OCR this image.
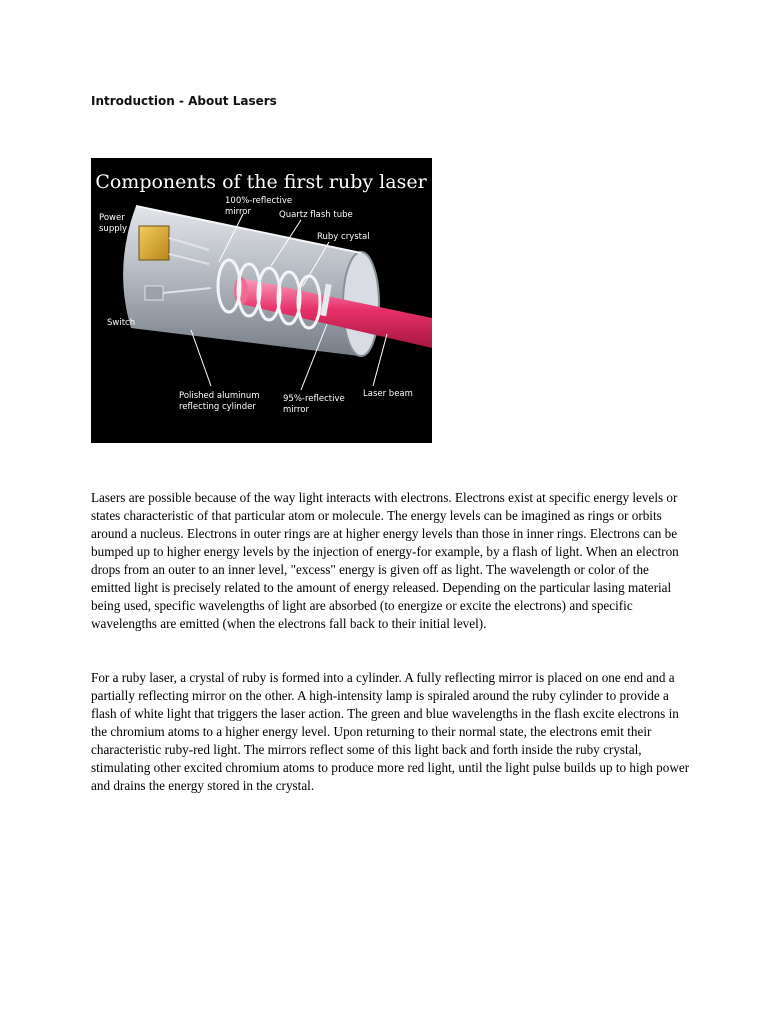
Introduction - About Lasers
Components of the first ruby laser
Power
supply
100%-reflective
mirror	Quartz flash tube
Ruby crystal
Switch
Polished aluminum
reflecting cylinder
95%-reflective
mirror
Laser beam

Lasers are possible because of the way light interacts with electrons. Electrons exist at specific energy levels or states characteristic of that particular atom or molecule. The energy levels can be imagined as rings or orbits around a nucleus. Electrons in outer rings are at higher energy levels than those in inner rings. Electrons can be bumped up to higher energy levels by the injection of energy-for example, by a flash of light. When an electron drops from an outer to an inner level, "excess" energy is given off as light. The wavelength or color of the emitted light is precisely related to the amount of energy released. Depending on the particular lasing material being used, specific wavelengths of light are absorbed (to energize or excite the electrons) and specific wavelengths are emitted (when the electrons fall back to their initial level).

For a ruby laser, a crystal of ruby is formed into a cylinder. A fully reflecting mirror is placed on one end and a partially reflecting mirror on the other. A high-intensity lamp is spiraled around the ruby cylinder to provide a flash of white light that triggers the laser action. The green and blue wavelengths in the flash excite electrons in the chromium atoms to a higher energy level. Upon returning to their normal state, the electrons emit their characteristic ruby-red light. The mirrors reflect some of this light back and forth inside the ruby crystal, stimulating other excited chromium atoms to produce more red light, until the light pulse builds up to high power and drains the energy stored in the crystal.
